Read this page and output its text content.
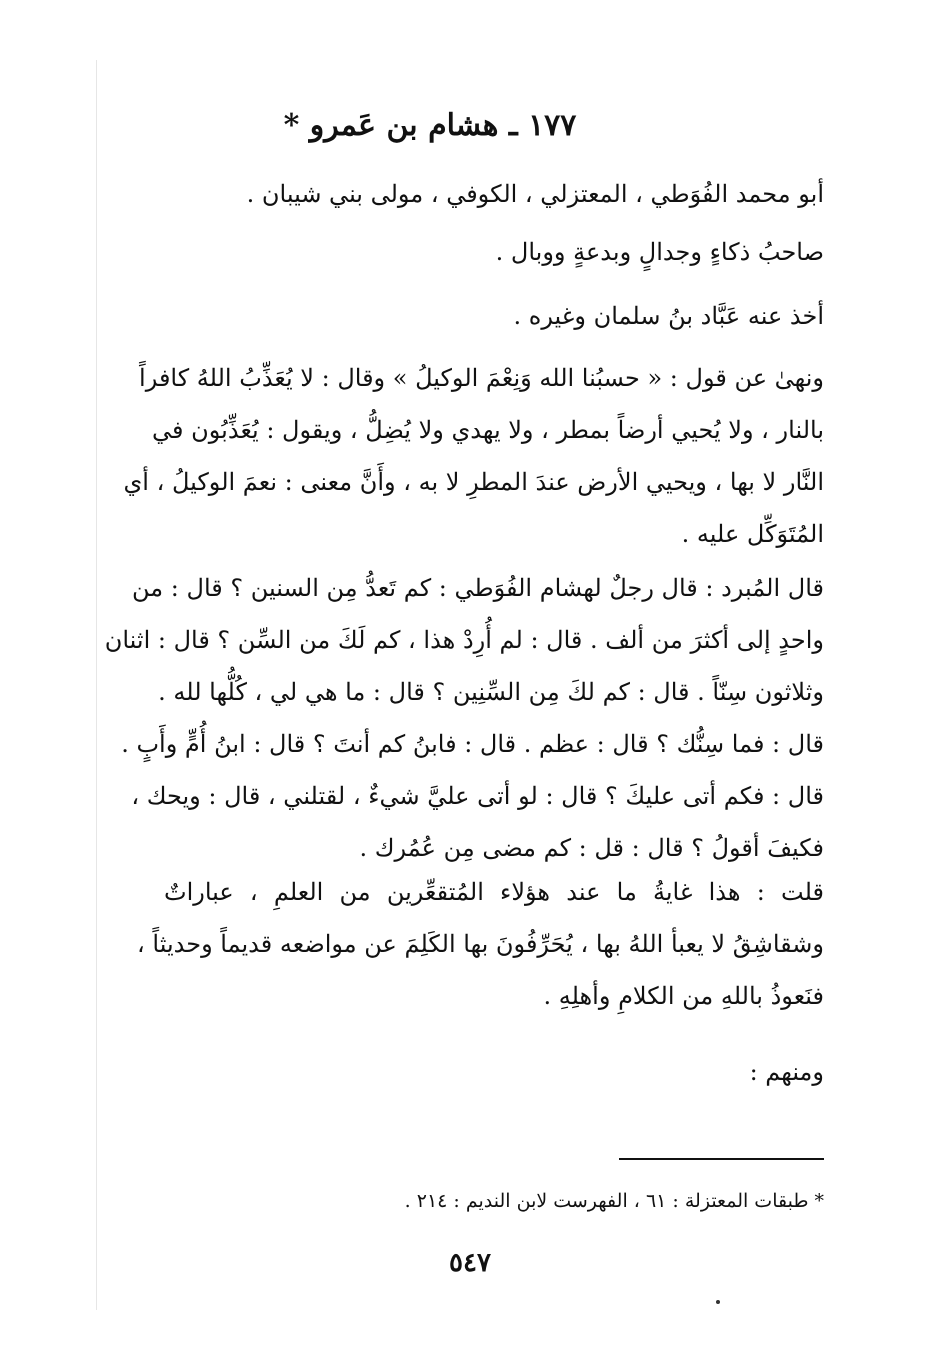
١٧٧ ـ هشام بن عَمرو *
أبو محمد الفُوَطي ، المعتزلي ، الكوفي ، مولى بني شيبان .
صاحبُ ذكاءٍ وجدالٍ وبدعةٍ ووبال .
أخذ عنه عَبَّاد بنُ سلمان وغيره .
ونهىٰ عن قول : « حسبُنا الله وَنِعْمَ الوكيلُ » وقال : لا يُعَذِّبُ اللهُ كافراً
بالنار ، ولا يُحيي أرضاً بمطر ، ولا يهدي ولا يُضِلُّ ، ويقول : يُعَذِّبُون في
النَّار لا بها ، ويحيي الأرض عندَ المطرِ لا به ، وأَنَّ معنى : نعمَ الوكيلُ ، أي
المُتَوَكِّل عليه .
قال المُبرد : قال رجلٌ لهشام الفُوَطي : كم تَعدُّ مِن السنين ؟ قال : من
واحدٍ إلى أكثرَ من ألف . قال : لم أُرِدْ هذا ، كم لَكَ من السِّن ؟ قال : اثنان
وثلاثون سِنّاً . قال : كم لكَ مِن السِّنِين ؟ قال : ما هي لي ، كُلُّها لله .
قال : فما سِنُّك ؟ قال : عظم . قال : فابنُ كم أنتَ ؟ قال : ابنُ أُمٍّ وأَبٍ .
قال : فكم أتى عليكَ ؟ قال : لو أتى عليَّ شيءٌ ، لقتلني ، قال : ويحك ،
فكيفَ أقولُ ؟ قال : قل : كم مضى مِن عُمُرك .
قلت : هذا غايةُ ما عند هؤلاء المُتقعِّرين من العلمِ ، عباراتٌ
وشقاشِقُ لا يعبأ اللهُ بها ، يُحَرِّفُونَ بها الكَلِمَ عن مواضعه قديماً وحديثاً ،
فنَعوذُ باللهِ من الكلامِ وأهلِهِ .
ومنهم :
* طبقات المعتزلة : ٦١ ، الفهرست لابن النديم : ٢١٤ .
٥٤٧
